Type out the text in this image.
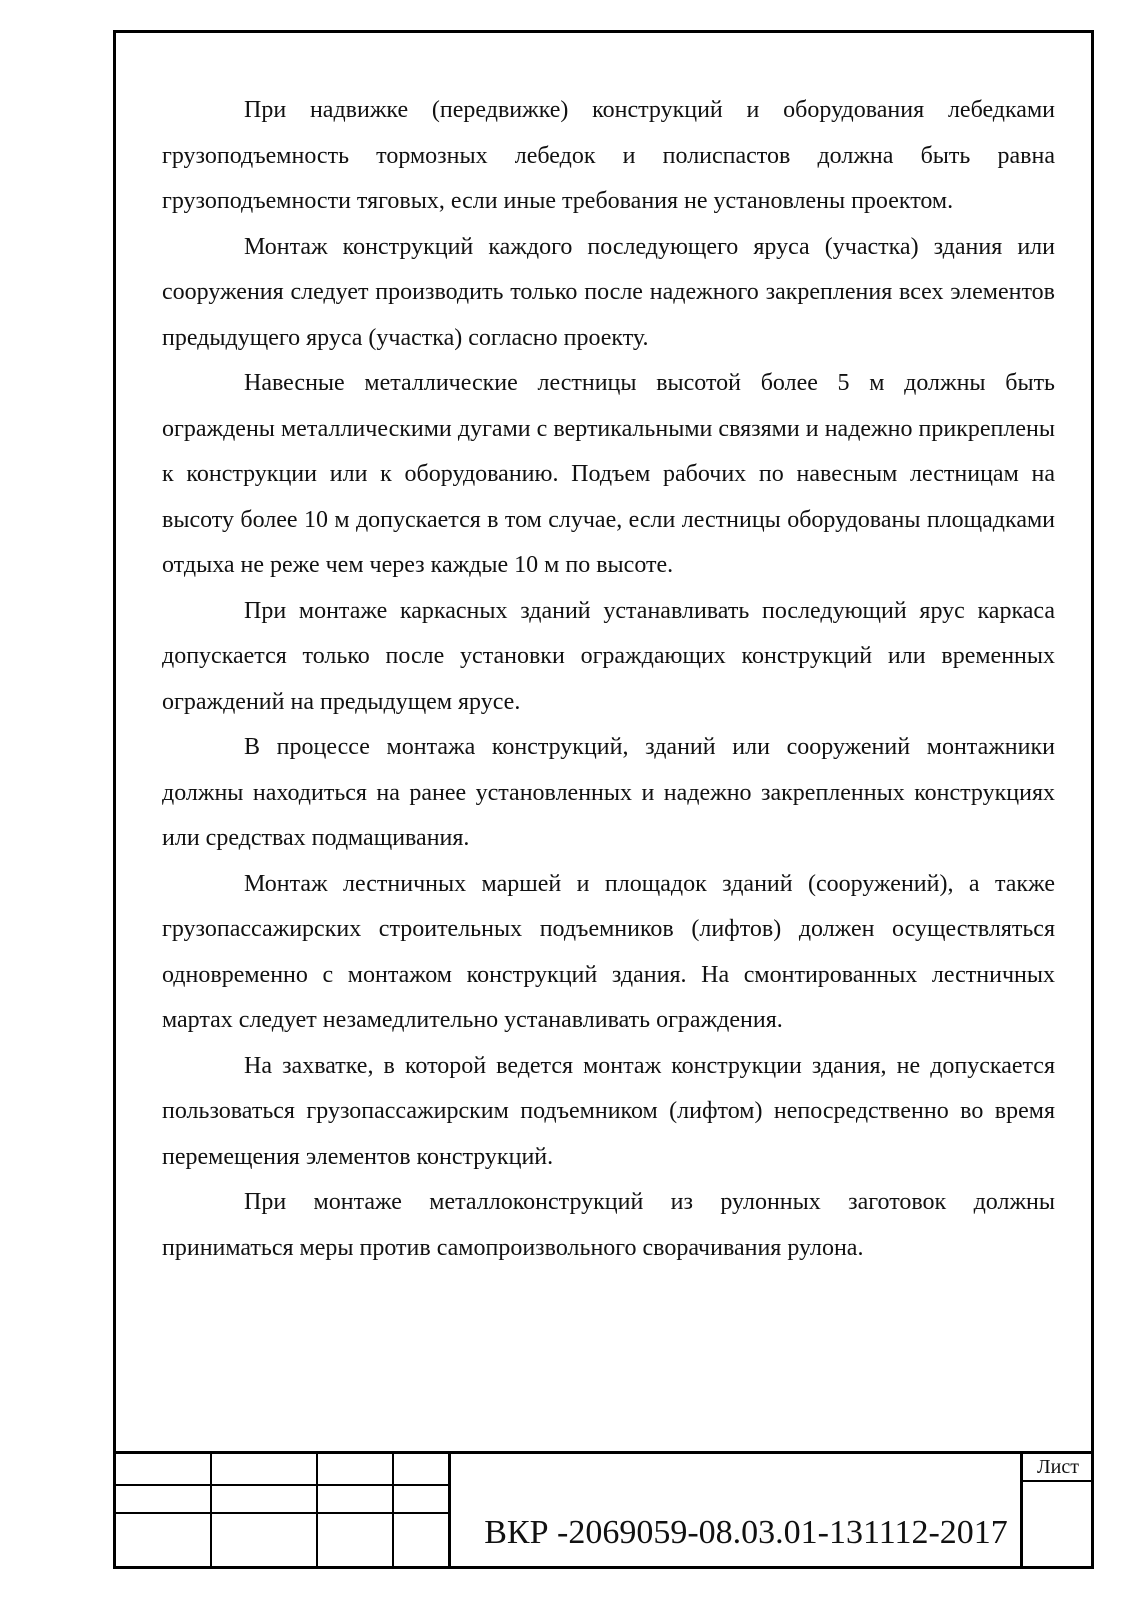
При надвижке (передвижке) конструкций и оборудования лебедками грузоподъемность тормозных лебедок и полиспастов должна быть равна грузоподъемности тяговых, если иные требования не установлены проектом.

Монтаж конструкций каждого последующего яруса (участка) здания или сооружения следует производить только после надежного закрепления всех элементов предыдущего яруса (участка) согласно проекту.

Навесные металлические лестницы высотой более 5 м должны быть ограждены металлическими дугами с вертикальными связями и надежно прикреплены к конструкции или к оборудованию. Подъем рабочих по навесным лестницам на высоту более 10 м допускается в том случае, если лестницы оборудованы площадками отдыха не реже чем через каждые 10 м по высоте.

При монтаже каркасных зданий устанавливать последующий ярус каркаса допускается только после установки ограждающих конструкций или временных ограждений на предыдущем ярусе.

В процессе монтажа конструкций, зданий или сооружений монтажники должны находиться на ранее установленных и надежно закрепленных конструкциях или средствах подмащивания.

Монтаж лестничных маршей и площадок зданий (сооружений), а также грузопассажирских строительных подъемников (лифтов) должен осуществляться одновременно с монтажом конструкций здания. На смонтированных лестничных мартах следует незамедлительно устанавливать ограждения.

На захватке, в которой ведется монтаж конструкции здания, не допускается пользоваться грузопассажирским подъемником (лифтом) непосредственно во время перемещения элементов конструкций.

При монтаже металлоконструкций из рулонных заготовок должны приниматься меры против самопроизвольного сворачивания рулона.

Лист
ВКР -2069059-08.03.01-131112-2017
